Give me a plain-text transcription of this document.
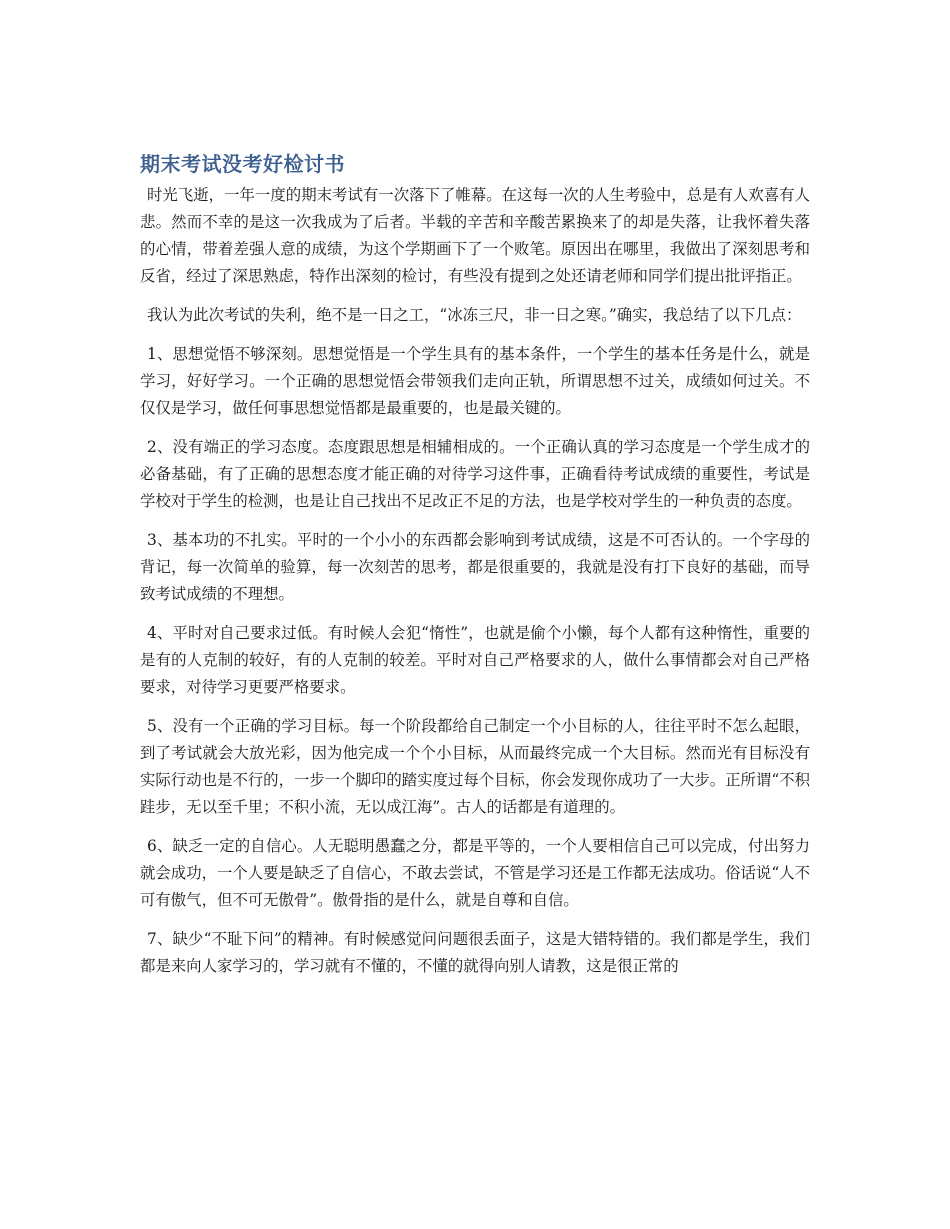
期末考试没考好检讨书

时光飞逝，一年一度的期末考试有一次落下了帷幕。在这每一次的人生考验中，总是有人欢喜有人悲。然而不幸的是这一次我成为了后者。半载的辛苦和辛酸苦累换来了的却是失落，让我怀着失落的心情，带着差强人意的成绩，为这个学期画下了一个败笔。原因出在哪里，我做出了深刻思考和反省，经过了深思熟虑，特作出深刻的检讨，有些没有提到之处还请老师和同学们提出批评指正。

我认为此次考试的失利，绝不是一日之工，“冰冻三尺，非一日之寒。”确实，我总结了以下几点：

1、思想觉悟不够深刻。思想觉悟是一个学生具有的基本条件，一个学生的基本任务是什么，就是学习，好好学习。一个正确的思想觉悟会带领我们走向正轨，所谓思想不过关，成绩如何过关。不仅仅是学习，做任何事思想觉悟都是最重要的，也是最关键的。

2、没有端正的学习态度。态度跟思想是相辅相成的。一个正确认真的学习态度是一个学生成才的必备基础，有了正确的思想态度才能正确的对待学习这件事，正确看待考试成绩的重要性，考试是学校对于学生的检测，也是让自己找出不足改正不足的方法，也是学校对学生的一种负责的态度。

3、基本功的不扎实。平时的一个小小的东西都会影响到考试成绩，这是不可否认的。一个字母的背记，每一次简单的验算，每一次刻苦的思考，都是很重要的，我就是没有打下良好的基础，而导致考试成绩的不理想。

4、平时对自己要求过低。有时候人会犯“惰性”，也就是偷个小懒，每个人都有这种惰性，重要的是有的人克制的较好，有的人克制的较差。平时对自己严格要求的人，做什么事情都会对自己严格要求，对待学习更要严格要求。

5、没有一个正确的学习目标。每一个阶段都给自己制定一个小目标的人，往往平时不怎么起眼，到了考试就会大放光彩，因为他完成一个个小目标，从而最终完成一个大目标。然而光有目标没有实际行动也是不行的，一步一个脚印的踏实度过每个目标，你会发现你成功了一大步。正所谓“不积跬步，无以至千里；不积小流，无以成江海”。古人的话都是有道理的。

6、缺乏一定的自信心。人无聪明愚蠢之分，都是平等的，一个人要相信自己可以完成，付出努力就会成功，一个人要是缺乏了自信心，不敢去尝试，不管是学习还是工作都无法成功。俗话说“人不可有傲气，但不可无傲骨”。傲骨指的是什么，就是自尊和自信。

7、缺少“不耻下问”的精神。有时候感觉问问题很丢面子，这是大错特错的。我们都是学生，我们都是来向人家学习的，学习就有不懂的，不懂的就得向别人请教，这是很正常的
